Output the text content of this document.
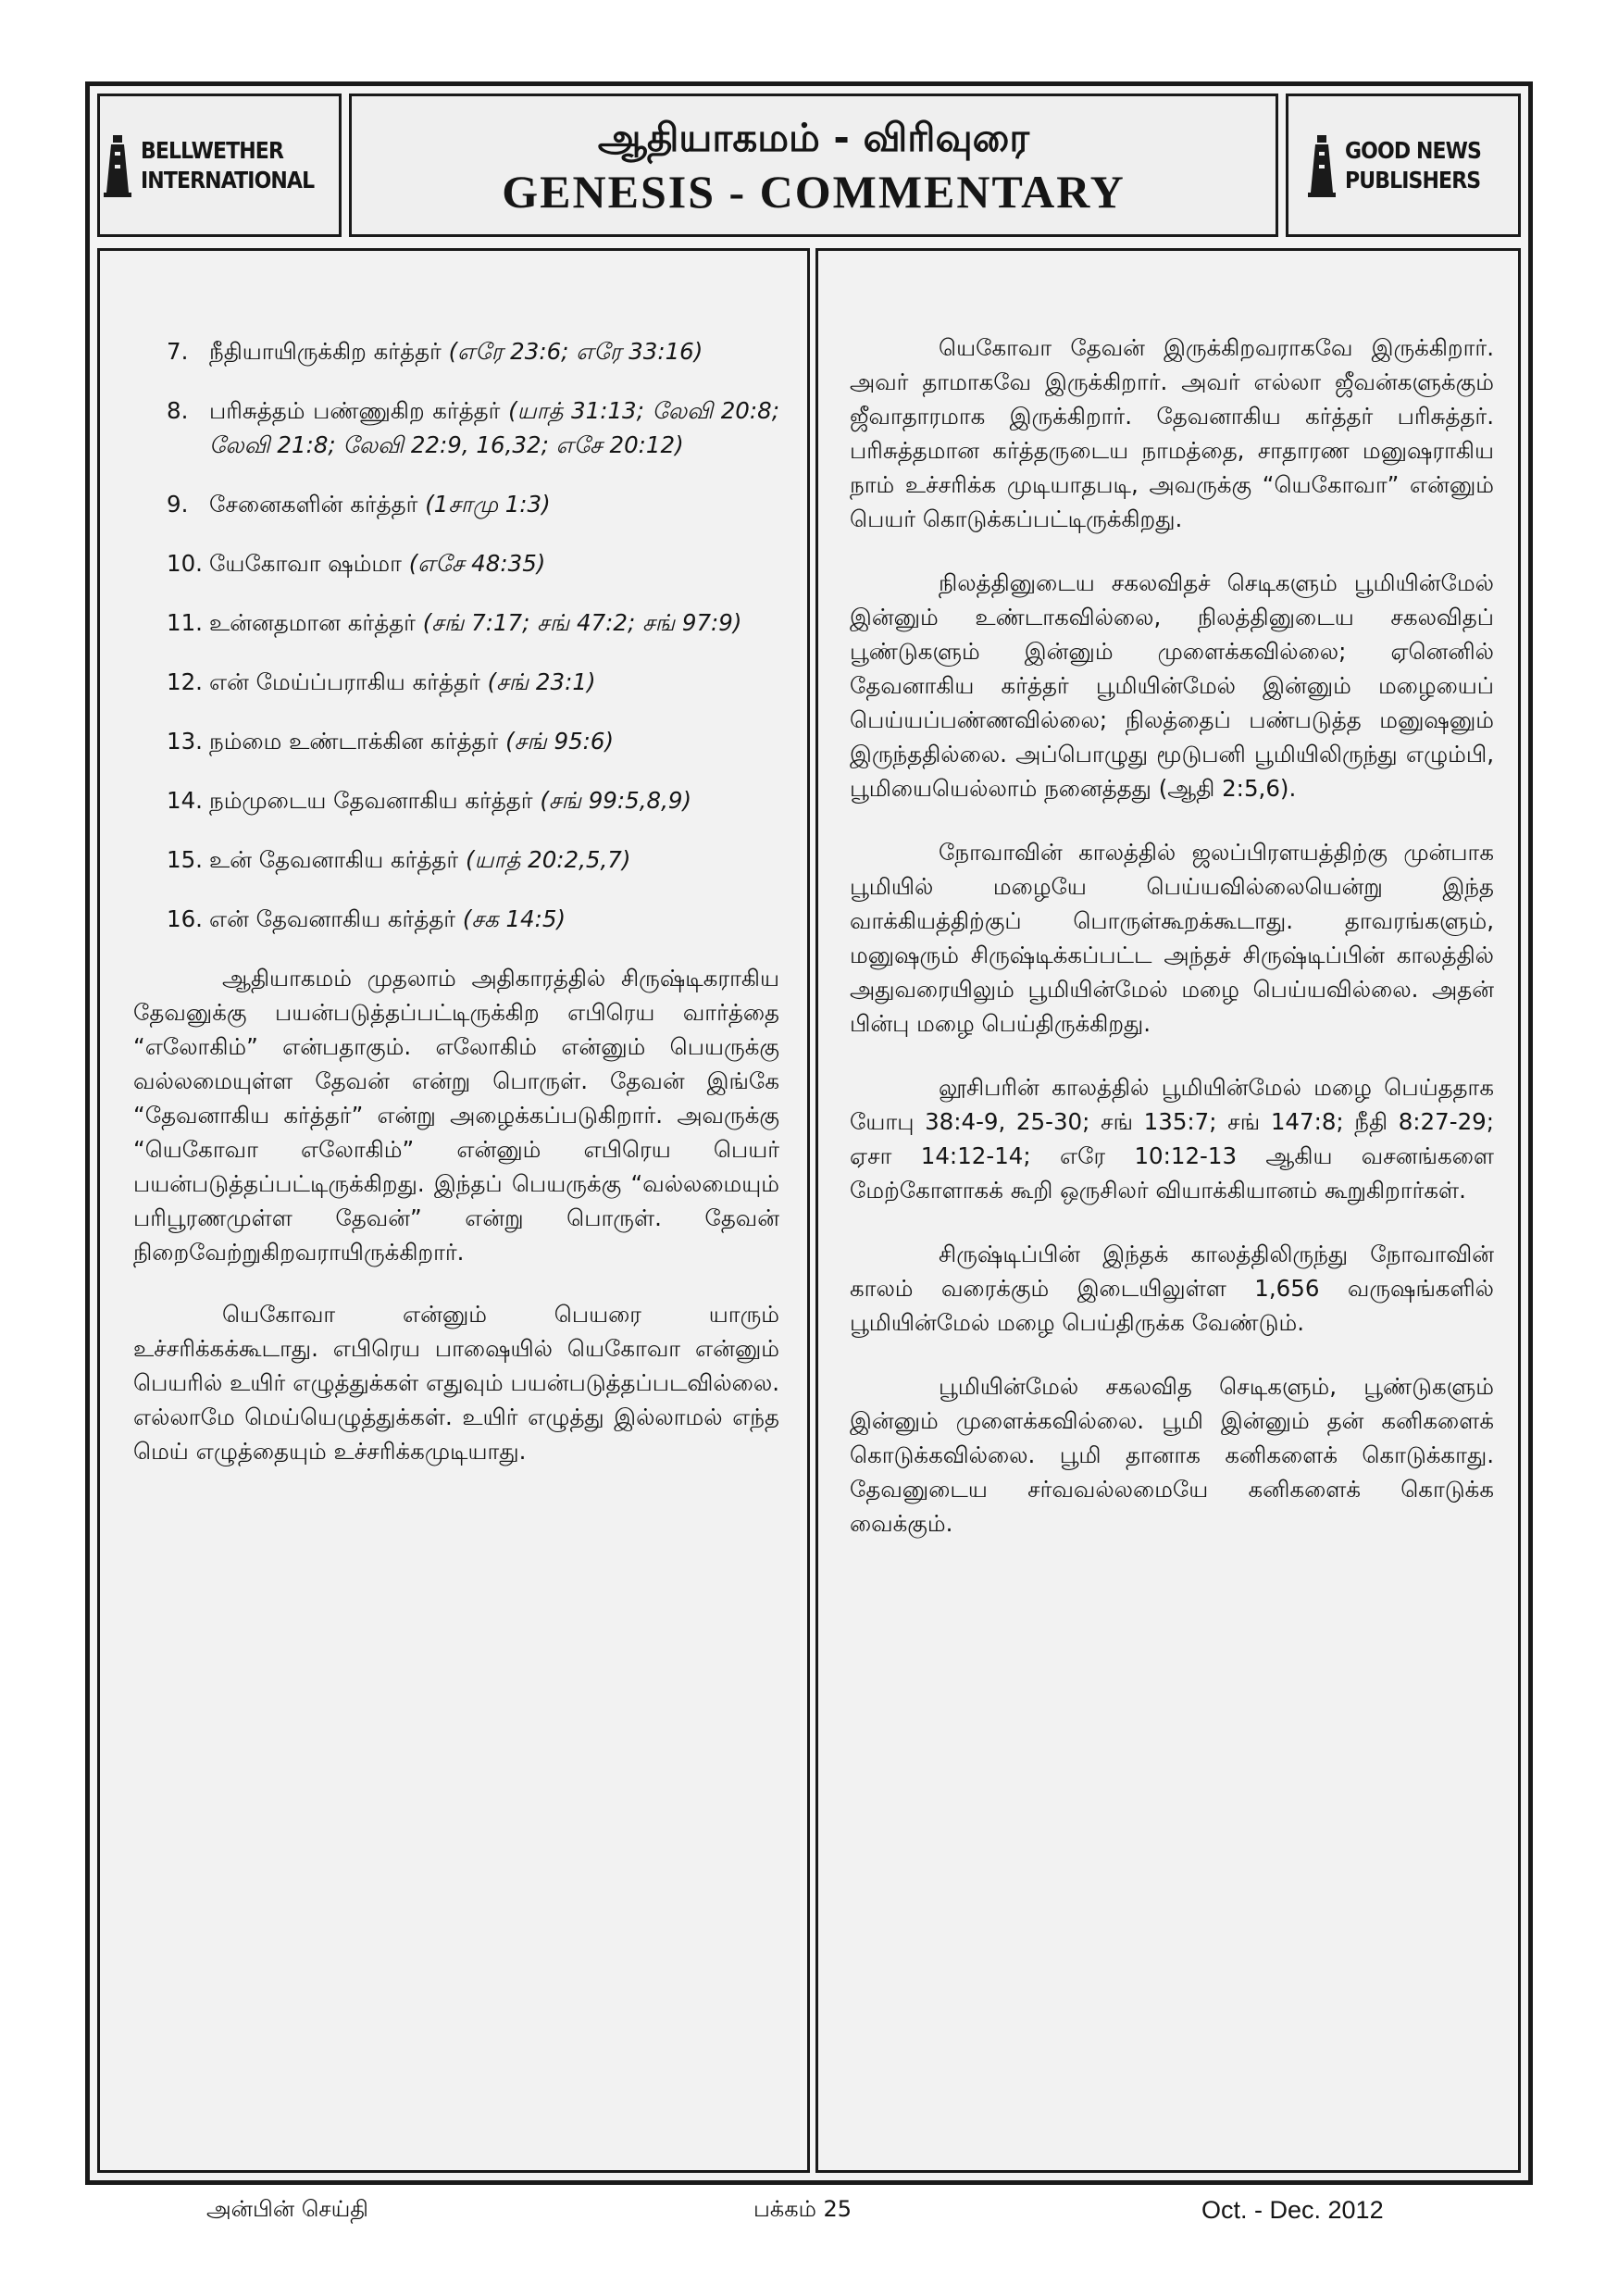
BELLWETHER
INTERNATIONAL
ஆதியாகமம் - விரிவுரை
GENESIS - COMMENTARY
GOOD NEWS
PUBLISHERS
7. நீதியாயிருக்கிற கர்த்தர் (எரே 23:6; எரே 33:16)
8. பரிசுத்தம் பண்ணுகிற கர்த்தர் (யாத் 31:13; லேவி 20:8; லேவி 21:8; லேவி 22:9, 16,32; எசே 20:12)
9. சேனைகளின் கர்த்தர் (1சாமு 1:3)
10. யேகோவா ஷம்மா (எசே 48:35)
11. உன்னதமான கர்த்தர் (சங் 7:17; சங் 47:2; சங் 97:9)
12. என் மேய்ப்பராகிய கர்த்தர் (சங் 23:1)
13. நம்மை உண்டாக்கின கர்த்தர் (சங் 95:6)
14. நம்முடைய தேவனாகிய கர்த்தர் (சங் 99:5,8,9)
15. உன் தேவனாகிய கர்த்தர் (யாத் 20:2,5,7)
16. என் தேவனாகிய கர்த்தர் (சக 14:5)

ஆதியாகமம் முதலாம் அதிகாரத்தில் சிருஷ்டிகராகிய தேவனுக்கு பயன்படுத்தப்பட்டிருக்கிற எபிரெய வார்த்தை “எலோகிம்” என்பதாகும். எலோகிம் என்னும் பெயருக்கு வல்லமையுள்ள தேவன் என்று பொருள். தேவன் இங்கே “தேவனாகிய கர்த்தர்” என்று அழைக்கப்படுகிறார். அவருக்கு “யெகோவா எலோகிம்” என்னும் எபிரெய பெயர் பயன்படுத்தப்பட்டிருக்கிறது. இந்தப் பெயருக்கு “வல்லமையும் பரிபூரணமுள்ள தேவன்” என்று பொருள். தேவன் நிறைவேற்றுகிறவராயிருக்கிறார்.

யெகோவா என்னும் பெயரை யாரும் உச்சரிக்கக்கூடாது. எபிரெய பாஷையில் யெகோவா என்னும் பெயரில் உயிர் எழுத்துக்கள் எதுவும் பயன்படுத்தப்படவில்லை. எல்லாமே மெய்யெழுத்துக்கள். உயிர் எழுத்து இல்லாமல் எந்த மெய் எழுத்தையும் உச்சரிக்கமுடியாது.

யெகோவா தேவன் இருக்கிறவராகவே இருக்கிறார். அவர் தாமாகவே இருக்கிறார். அவர் எல்லா ஜீவன்களுக்கும் ஜீவாதாரமாக இருக்கிறார். தேவனாகிய கர்த்தர் பரிசுத்தர். பரிசுத்தமான கர்த்தருடைய நாமத்தை, சாதாரண மனுஷராகிய நாம் உச்சரிக்க முடியாதபடி, அவருக்கு “யெகோவா” என்னும் பெயர் கொடுக்கப்பட்டிருக்கிறது.

நிலத்தினுடைய சகலவிதச் செடிகளும் பூமியின்மேல் இன்னும் உண்டாகவில்லை, நிலத்தினுடைய சகலவிதப் பூண்டுகளும் இன்னும் முளைக்கவில்லை; ஏனெனில் தேவனாகிய கர்த்தர் பூமியின்மேல் இன்னும் மழையைப் பெய்யப்பண்ணவில்லை; நிலத்தைப் பண்படுத்த மனுஷனும் இருந்ததில்லை. அப்பொழுது மூடுபனி பூமியிலிருந்து எழும்பி, பூமியையெல்லாம் நனைத்தது (ஆதி 2:5,6).

நோவாவின் காலத்தில் ஜலப்பிரளயத்திற்கு முன்பாக பூமியில் மழையே பெய்யவில்லையென்று இந்த வாக்கியத்திற்குப் பொருள்கூறக்கூடாது. தாவரங்களும், மனுஷரும் சிருஷ்டிக்கப்பட்ட அந்தச் சிருஷ்டிப்பின் காலத்தில் அதுவரையிலும் பூமியின்மேல் மழை பெய்யவில்லை. அதன் பின்பு மழை பெய்திருக்கிறது.

லூசிபரின் காலத்தில் பூமியின்மேல் மழை பெய்ததாக யோபு 38:4-9, 25-30; சங் 135:7; சங் 147:8; நீதி 8:27-29; ஏசா 14:12-14; எரே 10:12-13 ஆகிய வசனங்களை மேற்கோளாகக் கூறி ஒருசிலர் வியாக்கியானம் கூறுகிறார்கள்.

சிருஷ்டிப்பின் இந்தக் காலத்திலிருந்து நோவாவின் காலம் வரைக்கும் இடையிலுள்ள 1,656 வருஷங்களில் பூமியின்மேல் மழை பெய்திருக்க வேண்டும்.

பூமியின்மேல் சகலவித செடிகளும், பூண்டுகளும் இன்னும் முளைக்கவில்லை. பூமி இன்னும் தன் கனிகளைக் கொடுக்கவில்லை. பூமி தானாக கனிகளைக் கொடுக்காது. தேவனுடைய சர்வவல்லமையே கனிகளைக் கொடுக்க வைக்கும்.

அன்பின் செய்தி	பக்கம் 25	Oct. - Dec. 2012
